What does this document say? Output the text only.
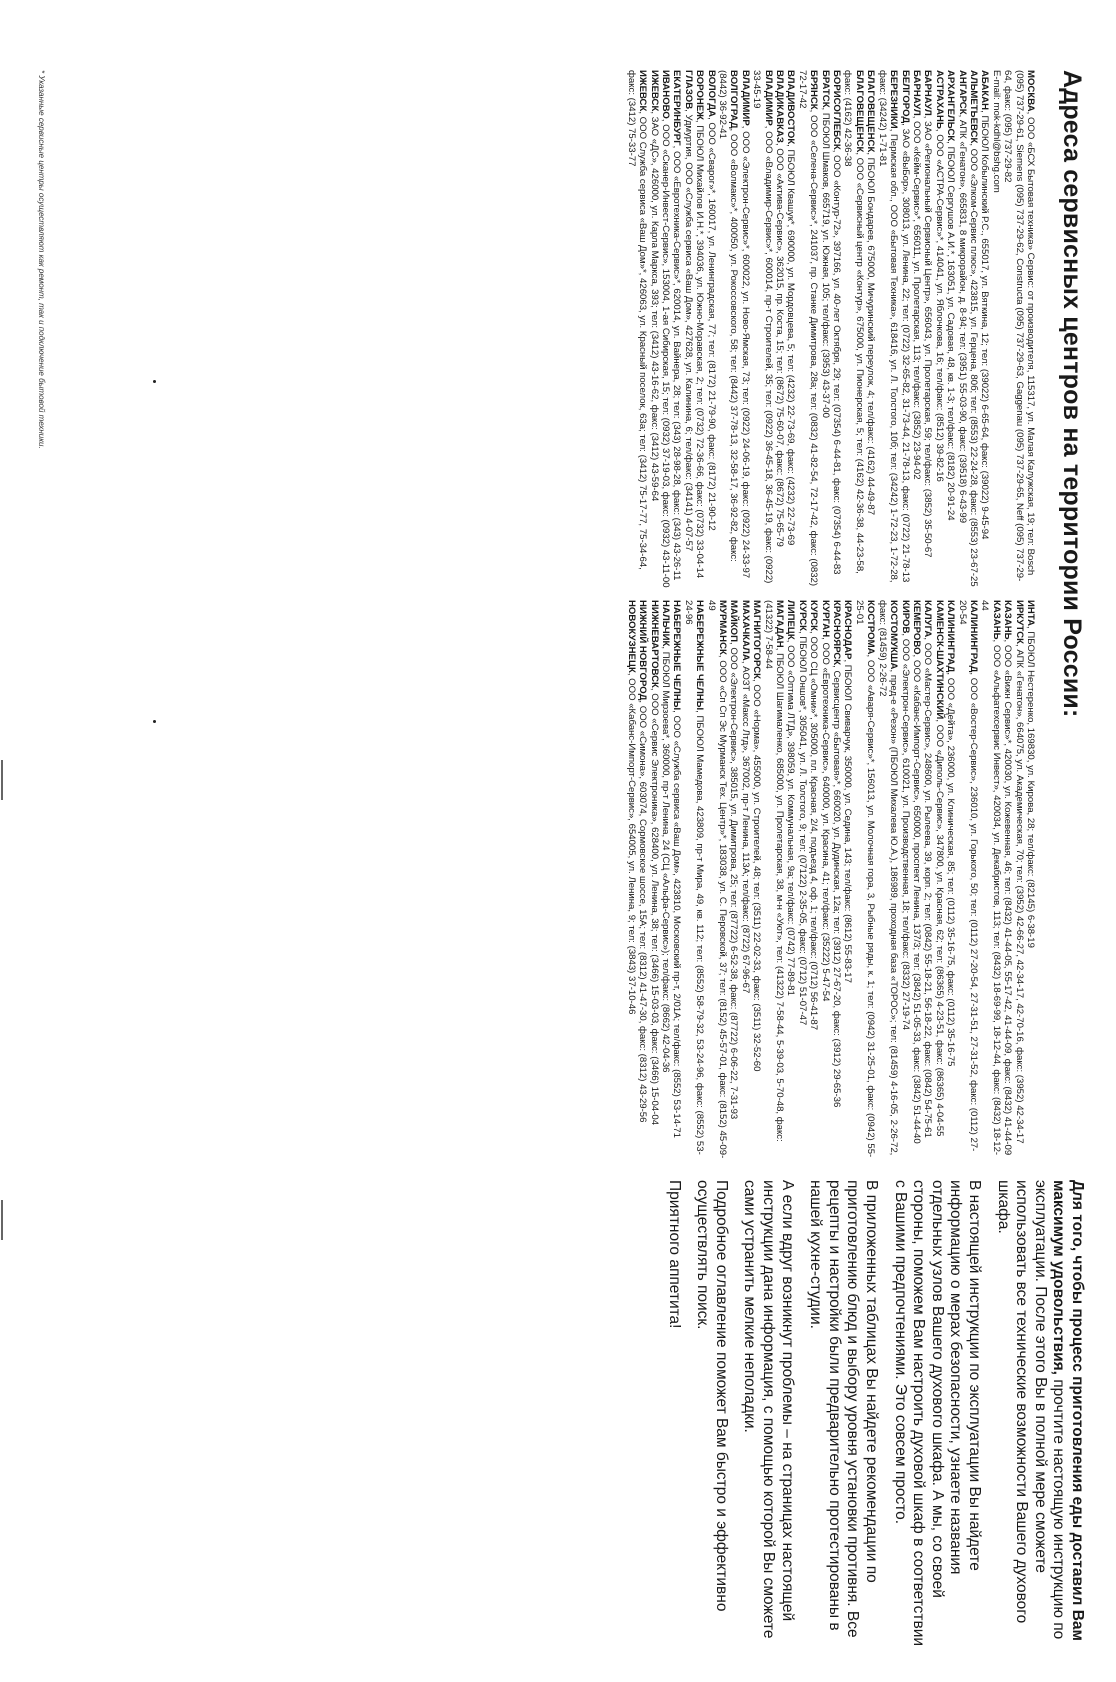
Адреса сервисных центров на территории России:

МОСКВА, ООО «БСХ Бытовая техника» Сервис: от производителя, 115317, ул. Малая Калужская, 19; тел: Bosch (095) 737-29-61, Siemens (095) 737-29-62, Constructa (095) 737-29-63, Gaggenau (095) 737-29-65, Neff (095) 737-29-64, факс: (095) 737-29-82

E-mail: mok-kdhl@bshg.com

АБАКАН, ПБОЮЛ Кобылинский Р.С., 655017, ул. Вяткина, 12; тел: (39022) 6-65-64, факс: (39022) 9-45-94

АЛЬМЕТЬЕВСК, ООО «Элком-Сервис плюс», 423815, ул. Герцена, 80б; тел: (8553) 22-24-28, факс: (8553) 23-67-25

АНГАРСК, АПК «Генатон», 665831, 8 микрорайон, д. 8-94; тел: (3951) 55-03-90, факс: (39518) 6-43-99

АРХАНГЕЛЬСК, ПБОЮЛ Сергушов А.И.*, 163051, ул. Садовая, 48, кв. 1-3; тел/факс: (8182) 20-91-24

АСТРАХАНЬ, ООО «АСТРА-Сервис»*, 414041, ул. Яблочкова, 16; тел/факс: (8512) 39-82-16

БАРНАУЛ, ЗАО «Региональный Сервисный Центр», 656043, ул. Пролетарская, 59; тел/факс: (3852) 35-50-67

БАРНАУЛ, ООО «Кейм-Сервис»*, 656011, ул. Пролетарская, 113; тел/факс: (3852) 23-94-02

БЕЛГОРОД, ЗАО «ВыБор», 308013, ул. Ленина, 22; тел: (0722) 32-65-82, 31-73-44, 21-78-13, факс: (0722) 21-78-13

БЕРЕЗНИКИ, Пермская обл., ООО «Бытовая Техника», 618416, ул. Л. Толстого, 10б; тел: (34242) 1-72-23, 1-72-28, факс: (34242) 1-71-81

БЛАГОВЕЩЕНСК, ПБОЮЛ Бондарев, 675000, Мичуринский переулок, 4; тел/факс: (4162) 44-49-87

БЛАГОВЕЩЕНСК, ООО «Сервисный центр «Контур», 675000, ул. Пионерская, 5; тел: (4162) 42-36-38, 44-23-58, факс: (4162) 42-36-38

БОРИСОГЛЕБСК, ООО «Контур-72», 397166, ул. 40-лет Октября, 29; тел: (07354) 6-44-81, факс: (07354) 6-44-83

БРАТСК, ПБОЮЛ Шмаков, 665719, ул. Южная, 105; тел/факс: (3953) 43-37-00

БРЯНСК, ООО «Селена-Сервис»*, 241037, пр. Станке Димитрова, 28а; тел: (0832) 41-82-54, 72-17-42, факс: (0832) 72-17-42

ВЛАДИВОСТОК, ПБОЮЛ Квашук*, 690000, ул. Мордовцева, 5; тел: (4232) 22-73-69, факс: (4232) 22-73-69

ВЛАДИКАВКАЗ, ООО «Актива-Сервис», 362015, пр. Коста, 15; тел: (8672) 75-60-07, факс: (8672) 75-65-79

ВЛАДИМИР, ООО «Владимир-Сервис»*, 600014, пр-т Строителей, 35; тел: (0922) 36-45-18, 36-45-19, факс: (0922) 33-45-19

ВЛАДИМИР, ООО «Электрон-Сервис»*, 600022, ул. Ново-Ямская, 73; тел: (0922) 24-06-19, факс: (0922) 24-33-97

ВОЛГОГРАД, ООО «Волмакс»*, 400050, ул. Рокоссовского, 58; тел: (8442) 37-78-13, 32-58-17, 36-92-82, факс: (8442) 36-92-41

ВОЛОГДА, ООО «Сварог»*, 160017, ул. Ленинградская, 77; тел: (8172) 21-79-90, факс: (8172) 21-90-12

ВОРОНЕЖ, ПБОЮЛ Михайлов И.Н.*, 394036, ул. Южно-Моравская, 2; тел: (0732) 72-36-66, факс: (0732) 33-04-14

ГЛАЗОВ, Удмуртия, ООО «Служба сервиса «Ваш Дом», 427628, ул. Калинина, 6; тел/факс: (34141) 4-07-57

ЕКАТЕРИНБУРГ, ООО «Евротехника-Сервис»*, 620014, ул. Вайнера, 28; тел: (343) 28-98-28, факс: (343) 43-26-11

ИВАНОВО, ООО «Сканер-Инвест-Сервис», 153004, 1-ая Сибирская, 15; тел: (0932) 37-19-03, факс: (0932) 43-11-00

ИЖЕВСК, ЗАО «ДС», 426000, ул. Карла Маркса, 393; тел: (3412) 43-16-62, факс: (3412) 43-59-64

ИЖЕВСК, ООО Служба сервиса «Ваш Дом»*, 426063, ул. Красный поселок, 63а; тел: (3412) 75-17-77, 75-34-64, факс: (3412) 75-33-77

ИНТА, ПБОЮЛ Нестеренко, 169830, ул. Кирова, 28; тел/факс: (82145) 6-38-19

ИРКУТСК, АПК «Генатон», 664075, ул. Академическая, 70; тел: (3952) 42-66-27, 42-34-17, 42-70-16, факс: (3952) 42-34-17

КАЗАНЬ, ООО «Вижн Сервис»*, 420030, ул. Кожевенная, 46; тел: (8432) 41-44-05, 55-17-42, 41-44-09, факс: (8432) 41-44-09

КАЗАНЬ, ООО «Альфатехсервис Инвест», 420034, ул. Декабристов, 113; тел: (8432) 18-69-99, 18-12-44, факс: (8432) 18-12-44

КАЛИНИНГРАД, ООО «Востер-Сервис», 236010, ул. Горького, 50; тел: (0112) 27-20-54, 27-31-51, 27-31-52, факс: (0112) 27-20-54

КАЛИНИНГРАД, ООО «Дейта», 236000, ул. Клиническая, 85; тел: (0112) 35-16-75, факс: (0112) 35-16-75

КАМЕНСК-ШАХТИНСКИЙ, ООО «Диполь-Сервис», 347800, ул. Красная, 62; тел: (86365) 4-23-51, факс: (86365) 4-04-55

КАЛУГА, ООО «Мастер-Сервис», 248600, ул. Рылеева, 39, корп. 2; тел: (0842) 55-18-21, 56-18-22, факс: (0842) 54-75-61

КЕМЕРОВО, ООО «Кабанс-Импорт-Сервис», 650000, проспект Ленина, 137/3; тел: (3842) 51-05-33, факс: (3842) 51-44-40

КИРОВ, ООО «Электрон-Сервис», 610021, ул. Производственная, 18; тел/факс: (8332) 27-19-74

КОСТОМУКША, пред-е «Резон» (ПБОЮЛ Михалева Ю.А.), 186989, проходная база «ТОРОС»; тел: (81459) 4-16-05, 2-26-72, факс: (81459) 2-26-72

КОСТРОМА, ООО «Аваря-Сервис»*, 156013, ул. Молочная гора, 3, Рыбные ряды, к. 1; тел: (0942) 31-25-01, факс: (0942) 55-25-01

КРАСНОДАР, ПБОЮЛ Свиварчук, 350000, ул. Седина, 143; тел/факс: (8612) 55-83-17

КРАСНОЯРСК, Сервисцентр «Бытовая»*, 660020, ул. Дудинская, 12а; тел: (3912) 27-67-20, факс: (3912) 29-65-36

КУРГАН, ООО «Евротехника-Сервис», 640000, ул. Красина, 41; тел/факс: (35222) 5-47-54

КУРСК, ООО СЦ «Омни»*, 305000, пл. Красная, 2/4, подъезд 4, оф. 1; тел/факс: (0712) 56-41-87

КУРСК, ПБОЮЛ Оншов*, 305041, ул. Л. Толстого, 9; тел: (07122) 2-35-05, факс: (0712) 51-07-47

ЛИПЕЦК, ООО «Оптима ЛТД», 398059, ул. Коммунальная, 9а; тел/факс: (0742) 77-89-81

МАГАДАН, ПБОЮЛ Шагималенко, 685000, ул. Пролетарская, 38, м-н «Уют», тел: (41322) 7-58-44, 5-39-03, 5-70-48, факс: (41322) 7-58-44

МАГНИТОГОРСК, ООО «Норма», 455000, ул. Строителей, 48; тел: (3511) 22-02-33, факс: (3511) 32-52-60

МАХАЧКАЛА, АОЗТ «Максс Лтд», 367002, пр-т Ленина, 113А; тел/факс: (8722) 67-96-67

МАЙКОП, ООО «Электрон-Сервис», 385015, ул. Димитрова, 25; тел: (87722) 6-52-38, факс: (87722) 6-06-22, 7-31-93

МУРМАНСК, ООО «Сп Сп Эс Мурманск Тех. Центр»*, 183038, ул. С. Перовской, 37; тел: (8152) 45-57-01, факс: (8152) 45-09-49

НАБЕРЕЖНЫЕ ЧЕЛНЫ, ПБОЮЛ Мамедова, 423809, пр-т Мира, 49, кв. 112; тел: (8552) 58-79-32, 53-24-96, факс: (8552) 53-24-96

НАБЕРЕЖНЫЕ ЧЕЛНЫ, ООО «Служба сервиса «Ваш Дом», 423810, Московский пр-т, 2/01А; тел/факс: (8552) 53-14-71

НАЛЬЧИК, ПБОЮЛ Мирзоева*, 360000, пр-т Ленина, 24 (СЦ «Альфа-Сервис»); тел/факс: (8662) 42-04-36

НИЖНЕВАРТОВСК, ООО «Сервис Электроника», 628400, ул. Ленина, 38; тел: (3466) 15-03-03, факс: (3466) 15-04-04

НИЖНИЙ НОВГОРОД, ООО «Симона», 603074, Сормовское шоссе, 15А; тел: (8312) 41-47-30, факс: (8312) 43-29-56

НОВОКУЗНЕЦК, ООО «Кабанс-Импорт-Сервис», 654005, ул. Ленина, 9; тел: (3843) 37-10-46

* Указанные сервисные центры осуществляют как ремонт, так и подключение бытовой техники.

Для того, чтобы процесс приготовления еды доставил Вам максимум удовольствия, прочтите настоящую инструкцию по эксплуатации. После этого Вы в полной мере сможете использовать все технические возможности Вашего духового шкафа.

В настоящей инструкции по эксплуатации Вы найдете информацию о мерах безопасности, узнаете названия отдельных узлов Вашего духового шкафа. А мы, со своей стороны, поможем Вам настроить духовой шкаф в соответствии с Вашими предпочтениями. Это совсем просто.

В приложенных таблицах Вы найдете рекомендации по приготовлению блюд и выбору уровня установки противня. Все рецепты и настройки были предварительно протестированы в нашей кухне-студии.

А если вдруг возникнут проблемы – на страницах настоящей инструкции дана информация, с помощью которой Вы сможете сами устранить мелкие неполадки.

Подробное оглавление поможет Вам быстро и эффективно осуществлять поиск.

Приятного аппетита!
